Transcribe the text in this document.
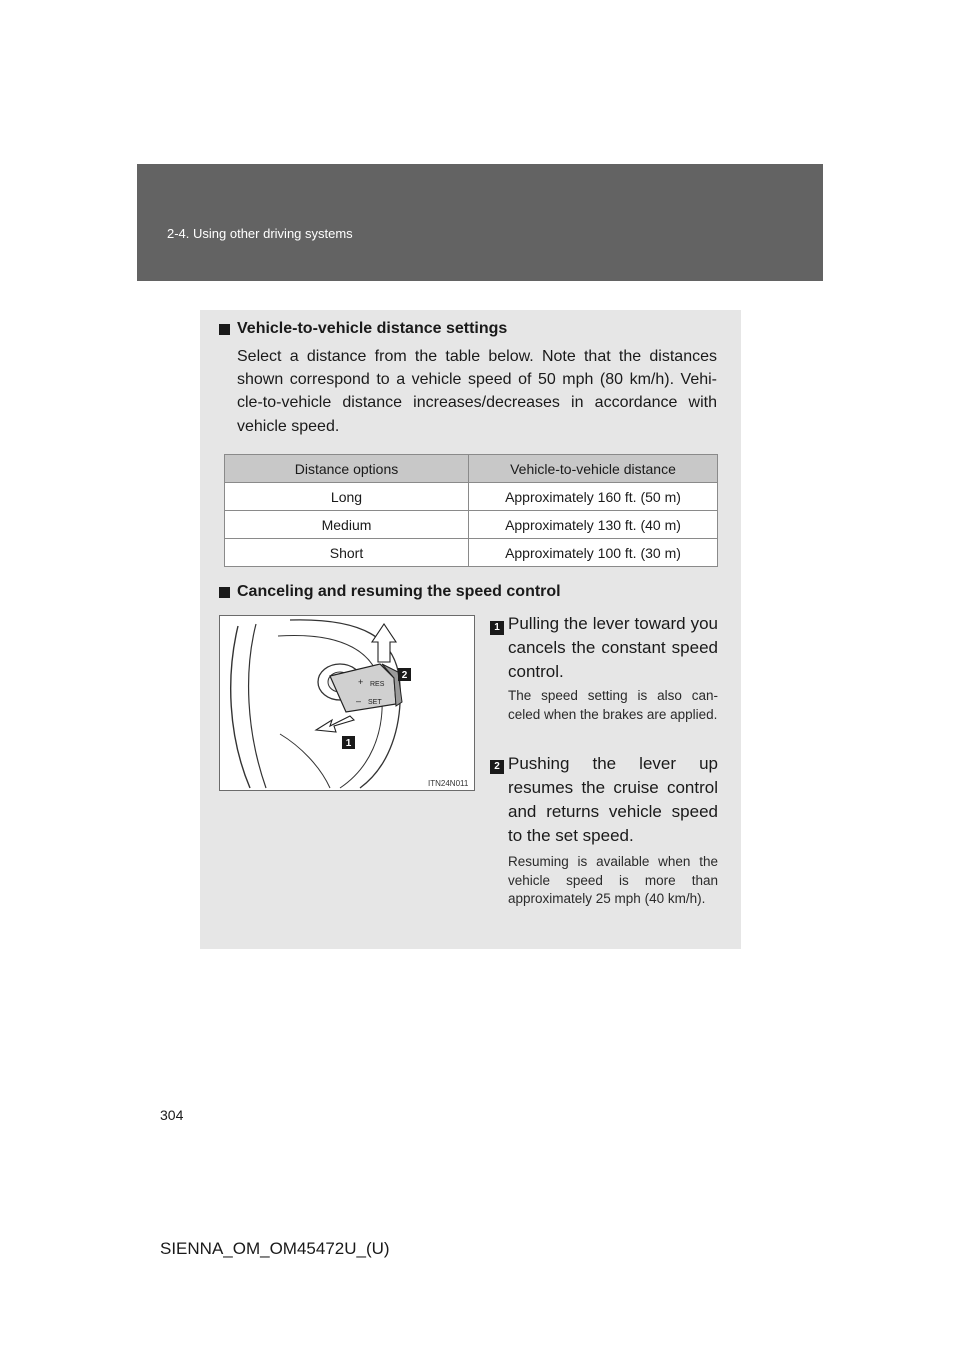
2-4. Using other driving systems
Vehicle-to-vehicle distance settings
Select a distance from the table below. Note that the distances shown correspond to a vehicle speed of 50 mph (80 km/h). Vehi-cle-to-vehicle distance increases/decreases in accordance with vehicle speed.
Distance options	Vehicle-to-vehicle distance
Long	Approximately 160 ft. (50 m)
Medium	Approximately 130 ft. (40 m)
Short	Approximately 100 ft. (30 m)
Canceling and resuming the speed control
RES
SET
+
–
2
1
ITN24N011
1 Pulling the lever toward you cancels the constant speed control.
The speed setting is also can-celed when the brakes are applied.
2 Pushing the lever up resumes the cruise control and returns vehicle speed to the set speed.
Resuming is available when the vehicle speed is more than approximately 25 mph (40 km/h).
304
SIENNA_OM_OM45472U_(U)
